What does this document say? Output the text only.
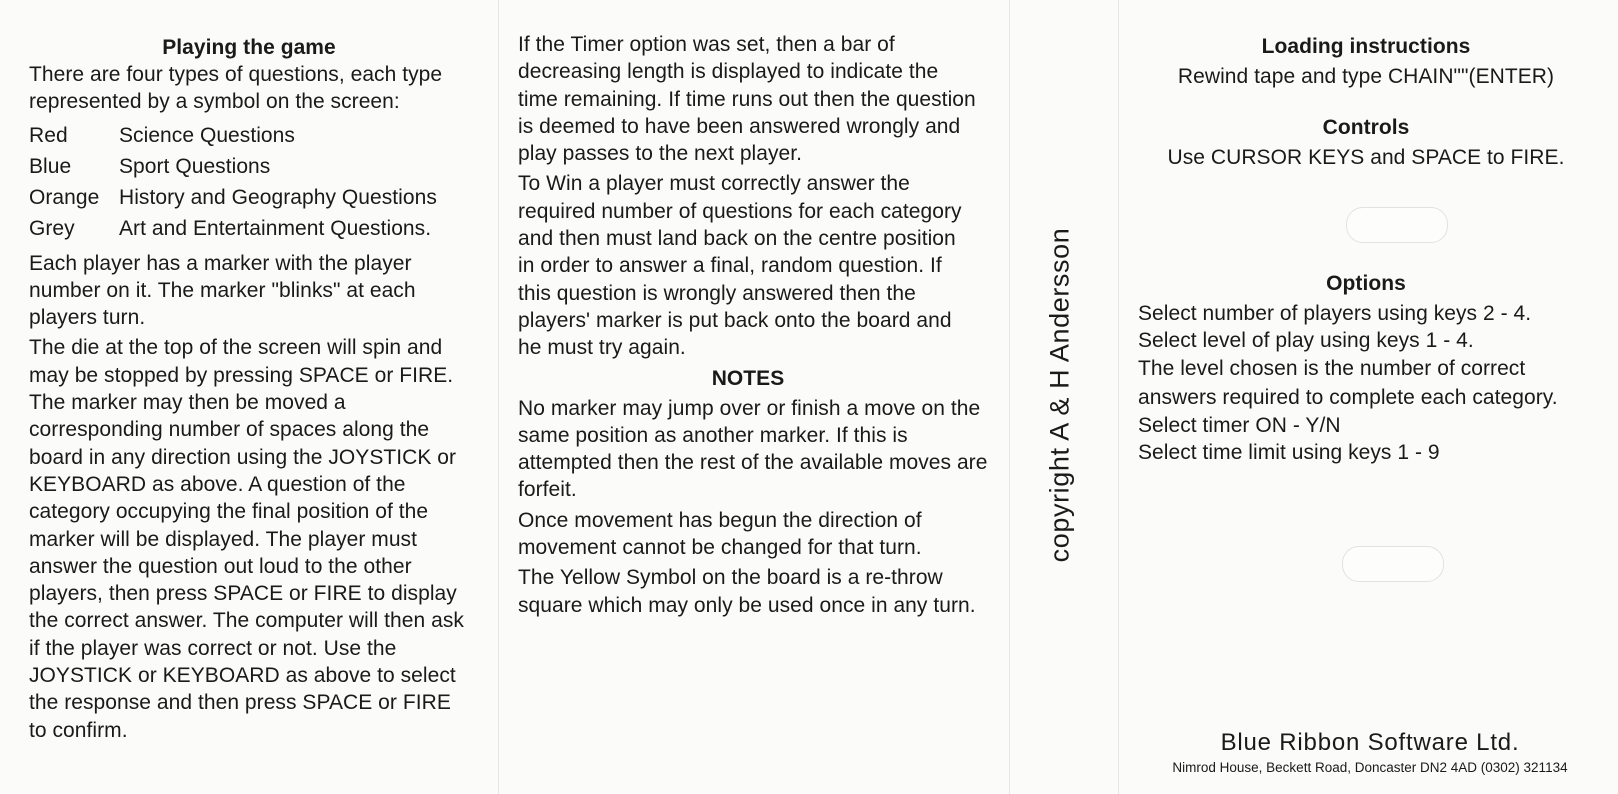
Playing the game

There are four types of questions, each type represented by a symbol on the screen:

Red	Science Questions
Blue	Sport Questions
Orange History and Geography Questions
Grey	Art and Entertainment Questions.

Each player has a marker with the player number on it. The marker "blinks" at each players turn.

The die at the top of the screen will spin and may be stopped by pressing SPACE or FIRE. The marker may then be moved a corresponding number of spaces along the board in any direction using the JOYSTICK or KEYBOARD as above. A question of the category occupying the final position of the marker will be displayed. The player must answer the question out loud to the other players, then press SPACE or FIRE to display the correct answer. The computer will then ask if the player was correct or not. Use the JOYSTICK or KEYBOARD as above to select the response and then press SPACE or FIRE to confirm.

If the Timer option was set, then a bar of decreasing length is displayed to indicate the time remaining. If time runs out then the question is deemed to have been answered wrongly and play passes to the next player.

To Win a player must correctly answer the required number of questions for each category and then must land back on the centre position in order to answer a final, random question. If this question is wrongly answered then the players' marker is put back onto the board and he must try again.

NOTES

No marker may jump over or finish a move on the same position as another marker. If this is attempted then the rest of the available moves are forfeit.

Once movement has begun the direction of movement cannot be changed for that turn.

The Yellow Symbol on the board is a re-throw square which may only be used once in any turn.

copyright A & H Andersson

Loading instructions

Rewind tape and type CHAIN""(ENTER)

Controls

Use CURSOR KEYS and SPACE to FIRE.

Options

Select number of players using keys 2 - 4.

Select level of play using keys 1 - 4.

The level chosen is the number of correct answers required to complete each category.

Select timer ON - Y/N

Select time limit using keys 1 - 9

Blue Ribbon Software Ltd.
Nimrod House, Beckett Road, Doncaster DN2 4AD (0302) 321134
